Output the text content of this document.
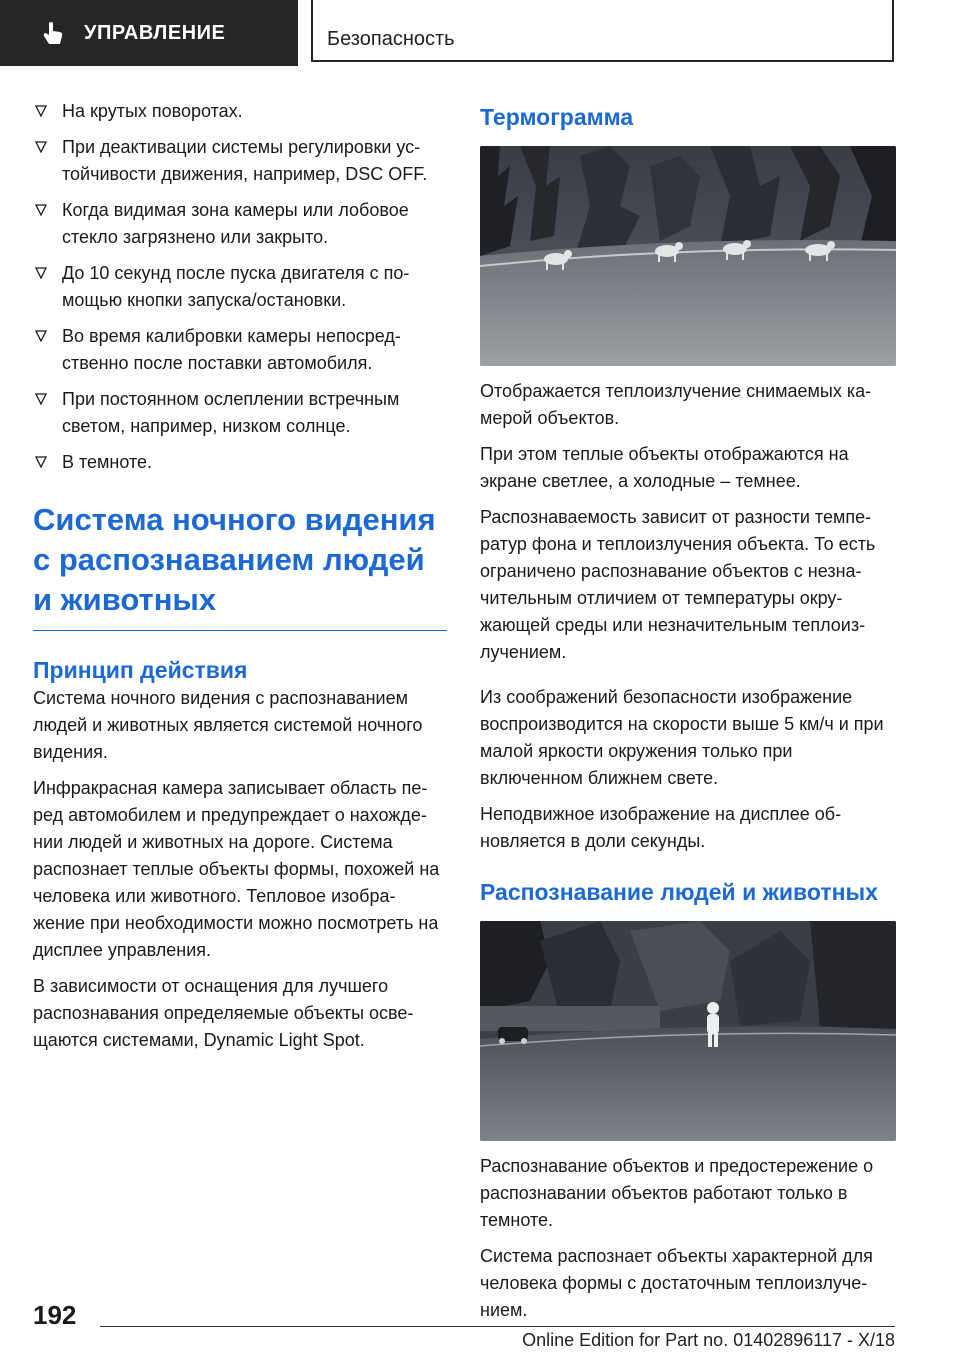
УПРАВЛЕНИЕ	Безопасность
На крутых поворотах.
При деактивации системы регулировки ус-тойчивости движения, например, DSC OFF.
Когда видимая зона камеры или лобовое стекло загрязнено или закрыто.
До 10 секунд после пуска двигателя с по-мощью кнопки запуска/остановки.
Во время калибровки камеры непосред-ственно после поставки автомобиля.
При постоянном ослеплении встречным светом, например, низком солнце.
В темноте.
Система ночного видения с распознаванием людей и животных
Принцип действия

Система ночного видения с распознаванием людей и животных является системой ночного видения.

Инфракрасная камера записывает область пе-ред автомобилем и предупреждает о нахожде-нии людей и животных на дороге. Система распознает теплые объекты формы, похожей на человека или животного. Тепловое изобра-жение при необходимости можно посмотреть на дисплее управления.

В зависимости от оснащения для лучшего распознавания определяемые объекты осве-щаются системами, Dynamic Light Spot.

Термограмма

Отображается теплоизлучение снимаемых ка-мерой объектов.

При этом теплые объекты отображаются на экране светлее, а холодные – темнее.

Распознаваемость зависит от разности темпе-ратур фона и теплоизлучения объекта. То есть ограничено распознавание объектов с незна-чительным отличием от температуры окру-жающей среды или незначительным теплоиз-лучением.

Из соображений безопасности изображение воспроизводится на скорости выше 5 км/ч и при малой яркости окружения только при включенном ближнем свете.

Неподвижное изображение на дисплее об-новляется в доли секунды.

Распознавание людей и животных

Распознавание объектов и предостережение о распознавании объектов работают только в темноте.

Система распознает объекты характерной для человека формы с достаточным теплоизлуче-нием.

192
Online Edition for Part no. 01402896117 - X/18
